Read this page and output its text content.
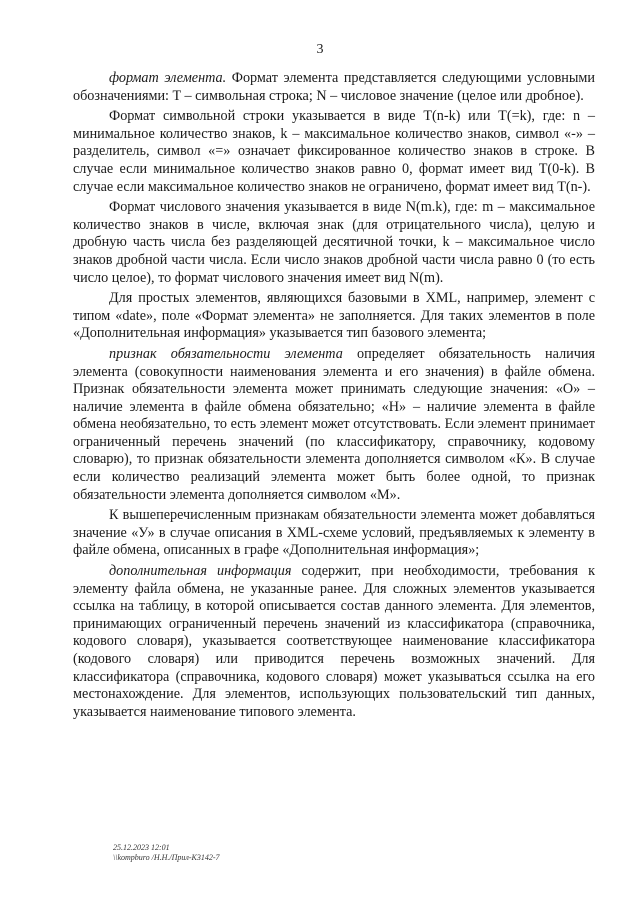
3

формат элемента. Формат элемента представляется следующими условными обозначениями: T – символьная строка; N – числовое значение (целое или дробное).

Формат символьной строки указывается в виде T(n-k) или T(=k), где: n – минимальное количество знаков, k – максимальное количество знаков, символ «-» – разделитель, символ «=» означает фиксированное количество знаков в строке. В случае если минимальное количество знаков равно 0, формат имеет вид T(0-k). В случае если максимальное количество знаков не ограничено, формат имеет вид T(n-).

Формат числового значения указывается в виде N(m.k), где: m – максимальное количество знаков в числе, включая знак (для отрицательного числа), целую и дробную часть числа без разделяющей десятичной точки, k – максимальное число знаков дробной части числа. Если число знаков дробной части числа равно 0 (то есть число целое), то формат числового значения имеет вид N(m).

Для простых элементов, являющихся базовыми в XML, например, элемент с типом «date», поле «Формат элемента» не заполняется. Для таких элементов в поле «Дополнительная информация» указывается тип базового элемента;

признак обязательности элемента определяет обязательность наличия элемента (совокупности наименования элемента и его значения) в файле обмена. Признак обязательности элемента может принимать следующие значения: «О» – наличие элемента в файле обмена обязательно; «Н» – наличие элемента в файле обмена необязательно, то есть элемент может отсутствовать. Если элемент принимает ограниченный перечень значений (по классификатору, справочнику, кодовому словарю), то признак обязательности элемента дополняется символом «К». В случае если количество реализаций элемента может быть более одной, то признак обязательности элемента дополняется символом «М».

К вышеперечисленным признакам обязательности элемента может добавляться значение «У» в случае описания в XML-схеме условий, предъявляемых к элементу в файле обмена, описанных в графе «Дополнительная информация»;

дополнительная информация содержит, при необходимости, требования к элементу файла обмена, не указанные ранее. Для сложных элементов указывается ссылка на таблицу, в которой описывается состав данного элемента. Для элементов, принимающих ограниченный перечень значений из классификатора (справочника, кодового словаря), указывается соответствующее наименование классификатора (кодового словаря) или приводится перечень возможных значений. Для классификатора (справочника, кодового словаря) может указываться ссылка на его местонахождение. Для элементов, использующих пользовательский тип данных, указывается наименование типового элемента.

25.12.2023 12:01
\\kompburo /Н.Н./Прил-К3142-7
